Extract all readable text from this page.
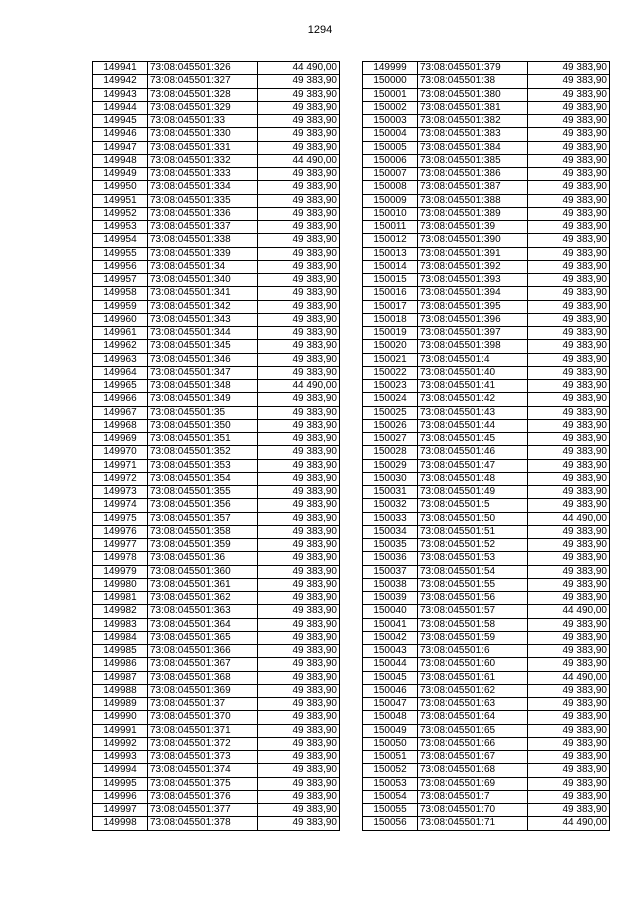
1294
149941	73:08:045501:326	44 490,00
149942	73:08:045501:327	49 383,90
149943	73:08:045501:328	49 383,90
149944	73:08:045501:329	49 383,90
149945	73:08:045501:33	49 383,90
149946	73:08:045501:330	49 383,90
149947	73:08:045501:331	49 383,90
149948	73:08:045501:332	44 490,00
149949	73:08:045501:333	49 383,90
149950	73:08:045501:334	49 383,90
149951	73:08:045501:335	49 383,90
149952	73:08:045501:336	49 383,90
149953	73:08:045501:337	49 383,90
149954	73:08:045501:338	49 383,90
149955	73:08:045501:339	49 383,90
149956	73:08:045501:34	49 383,90
149957	73:08:045501:340	49 383,90
149958	73:08:045501:341	49 383,90
149959	73:08:045501:342	49 383,90
149960	73:08:045501:343	49 383,90
149961	73:08:045501:344	49 383,90
149962	73:08:045501:345	49 383,90
149963	73:08:045501:346	49 383,90
149964	73:08:045501:347	49 383,90
149965	73:08:045501:348	44 490,00
149966	73:08:045501:349	49 383,90
149967	73:08:045501:35	49 383,90
149968	73:08:045501:350	49 383,90
149969	73:08:045501:351	49 383,90
149970	73:08:045501:352	49 383,90
149971	73:08:045501:353	49 383,90
149972	73:08:045501:354	49 383,90
149973	73:08:045501:355	49 383,90
149974	73:08:045501:356	49 383,90
149975	73:08:045501:357	49 383,90
149976	73:08:045501:358	49 383,90
149977	73:08:045501:359	49 383,90
149978	73:08:045501:36	49 383,90
149979	73:08:045501:360	49 383,90
149980	73:08:045501:361	49 383,90
149981	73:08:045501:362	49 383,90
149982	73:08:045501:363	49 383,90
149983	73:08:045501:364	49 383,90
149984	73:08:045501:365	49 383,90
149985	73:08:045501:366	49 383,90
149986	73:08:045501:367	49 383,90
149987	73:08:045501:368	49 383,90
149988	73:08:045501:369	49 383,90
149989	73:08:045501:37	49 383,90
149990	73:08:045501:370	49 383,90
149991	73:08:045501:371	49 383,90
149992	73:08:045501:372	49 383,90
149993	73:08:045501:373	49 383,90
149994	73:08:045501:374	49 383,90
149995	73:08:045501:375	49 383,90
149996	73:08:045501:376	49 383,90
149997	73:08:045501:377	49 383,90
149998	73:08:045501:378	49 383,90
149999	73:08:045501:379	49 383,90
150000	73:08:045501:38	49 383,90
150001	73:08:045501:380	49 383,90
150002	73:08:045501:381	49 383,90
150003	73:08:045501:382	49 383,90
150004	73:08:045501:383	49 383,90
150005	73:08:045501:384	49 383,90
150006	73:08:045501:385	49 383,90
150007	73:08:045501:386	49 383,90
150008	73:08:045501:387	49 383,90
150009	73:08:045501:388	49 383,90
150010	73:08:045501:389	49 383,90
150011	73:08:045501:39	49 383,90
150012	73:08:045501:390	49 383,90
150013	73:08:045501:391	49 383,90
150014	73:08:045501:392	49 383,90
150015	73:08:045501:393	49 383,90
150016	73:08:045501:394	49 383,90
150017	73:08:045501:395	49 383,90
150018	73:08:045501:396	49 383,90
150019	73:08:045501:397	49 383,90
150020	73:08:045501:398	49 383,90
150021	73:08:045501:4	49 383,90
150022	73:08:045501:40	49 383,90
150023	73:08:045501:41	49 383,90
150024	73:08:045501:42	49 383,90
150025	73:08:045501:43	49 383,90
150026	73:08:045501:44	49 383,90
150027	73:08:045501:45	49 383,90
150028	73:08:045501:46	49 383,90
150029	73:08:045501:47	49 383,90
150030	73:08:045501:48	49 383,90
150031	73:08:045501:49	49 383,90
150032	73:08:045501:5	49 383,90
150033	73:08:045501:50	44 490,00
150034	73:08:045501:51	49 383,90
150035	73:08:045501:52	49 383,90
150036	73:08:045501:53	49 383,90
150037	73:08:045501:54	49 383,90
150038	73:08:045501:55	49 383,90
150039	73:08:045501:56	49 383,90
150040	73:08:045501:57	44 490,00
150041	73:08:045501:58	49 383,90
150042	73:08:045501:59	49 383,90
150043	73:08:045501:6	49 383,90
150044	73:08:045501:60	49 383,90
150045	73:08:045501:61	44 490,00
150046	73:08:045501:62	49 383,90
150047	73:08:045501:63	49 383,90
150048	73:08:045501:64	49 383,90
150049	73:08:045501:65	49 383,90
150050	73:08:045501:66	49 383,90
150051	73:08:045501:67	49 383,90
150052	73:08:045501:68	49 383,90
150053	73:08:045501:69	49 383,90
150054	73:08:045501:7	49 383,90
150055	73:08:045501:70	49 383,90
150056	73:08:045501:71	44 490,00
